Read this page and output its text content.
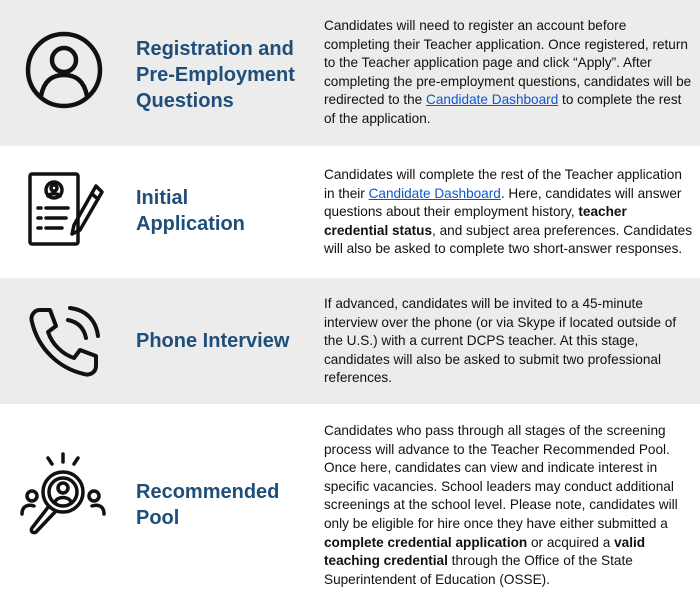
Registration and Pre-Employment Questions
Candidates will need to register an account before completing their Teacher application. Once registered, return to the Teacher application page and click “Apply”. After completing the pre-employment questions, candidates will be redirected to the Candidate Dashboard to complete the rest of the application.
Initial Application
Candidates will complete the rest of the Teacher application in their Candidate Dashboard. Here, candidates will answer questions about their employment history, teacher credential status, and subject area preferences. Candidates will also be asked to complete two short-answer responses.
Phone Interview
If advanced, candidates will be invited to a 45-minute interview over the phone (or via Skype if located outside of the U.S.) with a current DCPS teacher. At this stage, candidates will also be asked to submit two professional references.
Recommended Pool
Candidates who pass through all stages of the screening process will advance to the Teacher Recommended Pool. Once here, candidates can view and indicate interest in specific vacancies. School leaders may conduct additional screenings at the school level. Please note, candidates will only be eligible for hire once they have either submitted a complete credential application or acquired a valid teaching credential through the Office of the State Superintendent of Education (OSSE).
